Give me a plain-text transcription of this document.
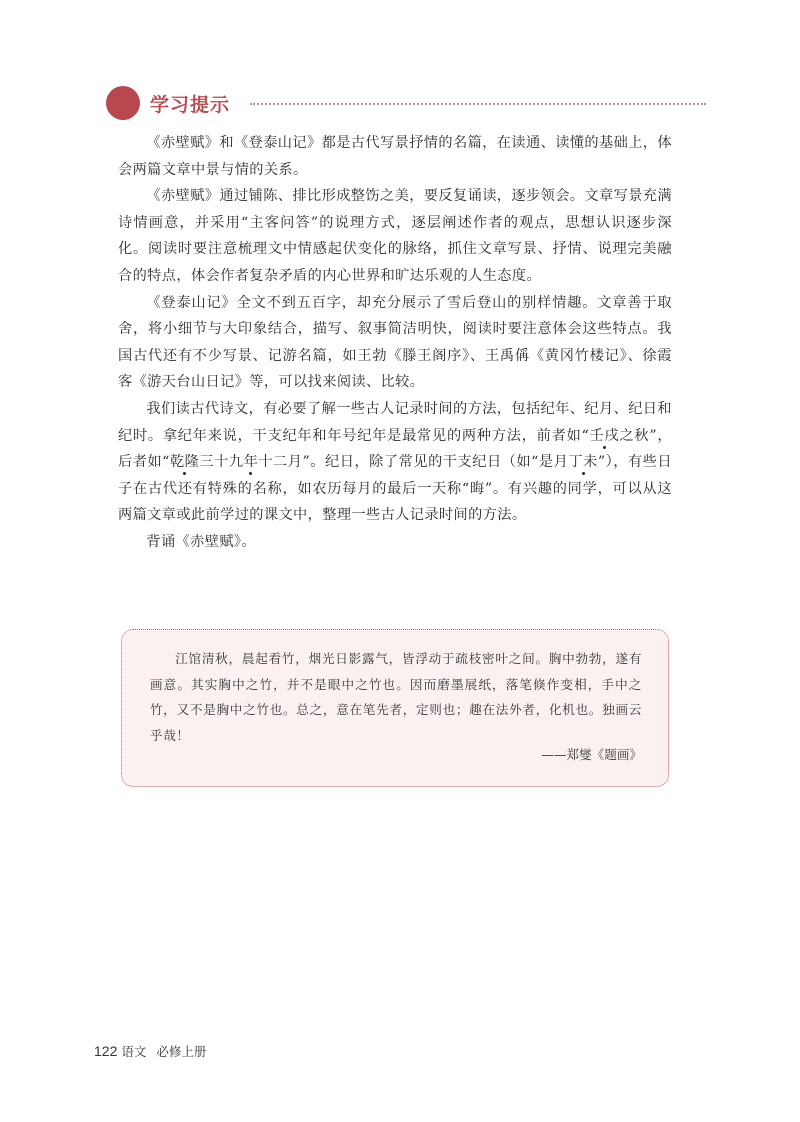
学习提示

《赤壁赋》和《登泰山记》都是古代写景抒情的名篇，在读通、读懂的基础上，体会两篇文章中景与情的关系。

《赤壁赋》通过铺陈、排比形成整饬之美，要反复诵读，逐步领会。文章写景充满诗情画意，并采用“主客问答”的说理方式，逐层阐述作者的观点，思想认识逐步深化。阅读时要注意梳理文中情感起伏变化的脉络，抓住文章写景、抒情、说理完美融合的特点，体会作者复杂矛盾的内心世界和旷达乐观的人生态度。

《登泰山记》全文不到五百字，却充分展示了雪后登山的别样情趣。文章善于取舍，将小细节与大印象结合，描写、叙事简洁明快，阅读时要注意体会这些特点。我国古代还有不少写景、记游名篇，如王勃《滕王阁序》、王禹偁《黄冈竹楼记》、徐霞客《游天台山日记》等，可以找来阅读、比较。

我们读古代诗文，有必要了解一些古人记录时间的方法，包括纪年、纪月、纪日和纪时。拿纪年来说，干支纪年和年号纪年是最常见的两种方法，前者如“壬戌之秋”，后者如“乾隆三十九年十二月”。纪日，除了常见的干支纪日（如“是月丁未”），有些日子在古代还有特殊的名称，如农历每月的最后一天称“晦”。有兴趣的同学，可以从这两篇文章或此前学过的课文中，整理一些古人记录时间的方法。

背诵《赤壁赋》。

江馆清秋，晨起看竹，烟光日影露气，皆浮动于疏枝密叶之间。胸中勃勃，遂有画意。其实胸中之竹，并不是眼中之竹也。因而磨墨展纸，落笔倏作变相，手中之竹，又不是胸中之竹也。总之，意在笔先者，定则也；趣在法外者，化机也。独画云乎哉！

——郑燮《题画》
122 语文 必修上册
